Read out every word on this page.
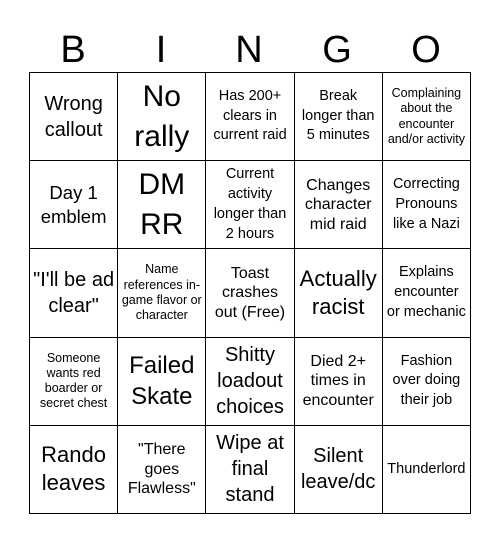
B	I	N	G	O
Wrong callout
No rally
Has 200+ clears in current raid
Break longer than 5 minutes
Complaining about the encounter and/or activity
Day 1 emblem
DM RR
Current activity longer than 2 hours
Changes character mid raid
Correcting Pronouns like a Nazi
"I'll be ad clear"
Name references in-game flavor or character
Toast crashes out (Free)
Actually racist
Explains encounter or mechanic
Someone wants red boarder or secret chest
Failed Skate
Shitty loadout choices
Died 2+ times in encounter
Fashion over doing their job
Rando leaves
"There goes Flawless"
Wipe at final stand
Silent leave/dc
Thunderlord
